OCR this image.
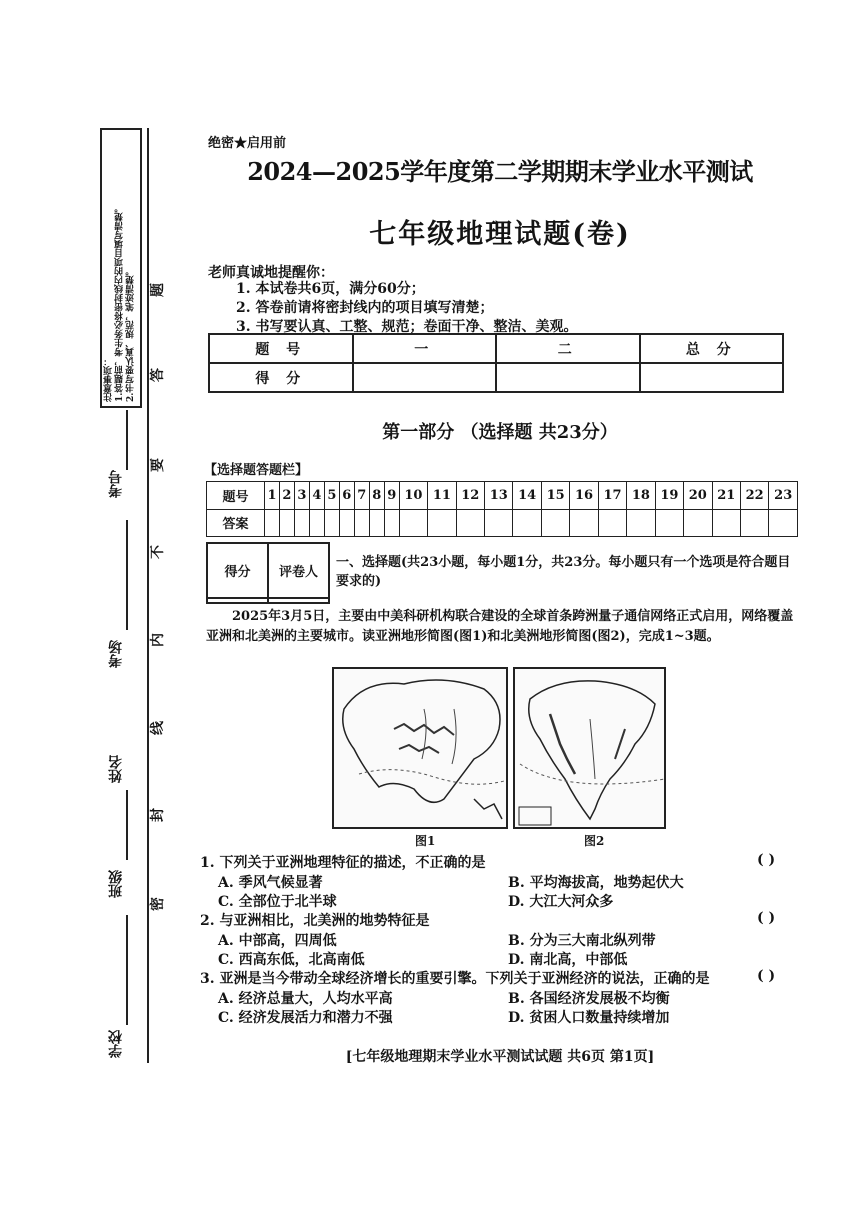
注意事项：
1.答题前，考生务必将密封线内的项目填写清楚。
2.书写要认真、规范，笔迹清楚。 题
答
要
不
内
线
封
密
考号
考场
姓名
班级
学校
绝密★启用前
2024—2025学年度第二学期期末学业水平测试
七年级地理试题(卷)
老师真诚地提醒你：
1. 本试卷共6页，满分60分；
2. 答卷前请将密封线内的项目填写清楚；
3. 书写要认真、工整、规范；卷面干净、整洁、美观。
题 号	一	二	总 分
得 分			
第一部分 （选择题 共23分）
【选择题答题栏】
题号	1	2	3	4	5	6	7	8	9	10	11	12	13	14	15	16	17	18	19	20	21	22	23
答案																							
得分	评卷人

一、选择题(共23小题，每小题1分，共23分。每小题只有一个选项是符合题目要求的)
2025年3月5日，主要由中美科研机构联合建设的全球首条跨洲量子通信网络正式启用，网络覆盖亚洲和北美洲的主要城市。读亚洲地形简图(图1)和北美洲地形简图(图2)，完成1~3题。
图1	图2
1. 下列关于亚洲地理特征的描述，不正确的是	( )
A. 季风气候显著	B. 平均海拔高，地势起伏大
C. 全部位于北半球	D. 大江大河众多
2. 与亚洲相比，北美洲的地势特征是	( )
A. 中部高，四周低	B. 分为三大南北纵列带
C. 西高东低，北高南低	D. 南北高，中部低
3. 亚洲是当今带动全球经济增长的重要引擎。下列关于亚洲经济的说法，正确的是	( )
A. 经济总量大，人均水平高	B. 各国经济发展极不均衡
C. 经济发展活力和潜力不强	D. 贫困人口数量持续增加
[七年级地理期末学业水平测试试题 共6页 第1页]
